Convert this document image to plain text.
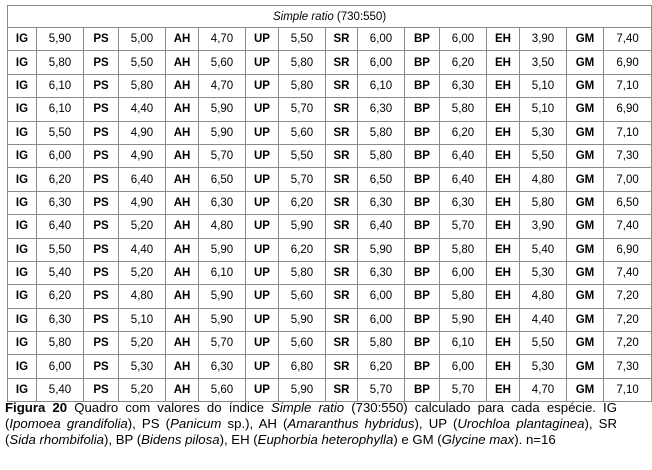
Simple ratio (730:550)															
IG	5,90	PS	5,00	AH	4,70	UP	5,50	SR	6,00	BP	6,00	EH	3,90	GM	7,40
IG	5,80	PS	5,50	AH	5,60	UP	5,80	SR	6,00	BP	6,20	EH	3,50	GM	6,90
IG	6,10	PS	5,80	AH	4,70	UP	5,80	SR	6,10	BP	6,30	EH	5,10	GM	7,10
IG	6,10	PS	4,40	AH	5,90	UP	5,70	SR	6,30	BP	5,80	EH	5,10	GM	6,90
IG	5,50	PS	4,90	AH	5,90	UP	5,60	SR	5,80	BP	6,20	EH	5,30	GM	7,10
IG	6,00	PS	4,90	AH	5,70	UP	5,50	SR	5,80	BP	6,40	EH	5,50	GM	7,30
IG	6,20	PS	6,40	AH	6,50	UP	5,70	SR	6,50	BP	6,40	EH	4,80	GM	7,00
IG	6,30	PS	4,90	AH	6,30	UP	6,20	SR	6,30	BP	6,30	EH	5,80	GM	6,50
IG	6,40	PS	5,20	AH	4,80	UP	5,90	SR	6,40	BP	5,70	EH	3,90	GM	7,40
IG	5,50	PS	4,40	AH	5,90	UP	6,20	SR	5,90	BP	5,80	EH	5,40	GM	6,90
IG	5,40	PS	5,20	AH	6,10	UP	5,80	SR	6,30	BP	6,00	EH	5,30	GM	7,40
IG	6,20	PS	4,80	AH	5,90	UP	5,60	SR	6,00	BP	5,80	EH	4,80	GM	7,20
IG	6,30	PS	5,10	AH	5,90	UP	5,90	SR	6,00	BP	5,90	EH	4,40	GM	7,20
IG	5,80	PS	5,20	AH	5,70	UP	5,60	SR	5,80	BP	6,10	EH	5,50	GM	7,20
IG	6,00	PS	5,30	AH	6,30	UP	6,80	SR	6,20	BP	6,00	EH	5,30	GM	7,30
IG	5,40	PS	5,20	AH	5,60	UP	5,90	SR	5,70	BP	5,70	EH	4,70	GM	7,10
Figura 20 Quadro com valores do índice Simple ratio (730:550) calculado para cada espécie. IG (Ipomoea grandifolia), PS (Panicum sp.), AH (Amaranthus hybridus), UP (Urochloa plantaginea), SR (Sida rhombifolia), BP (Bidens pilosa), EH (Euphorbia heterophylla) e GM (Glycine max). n=16
